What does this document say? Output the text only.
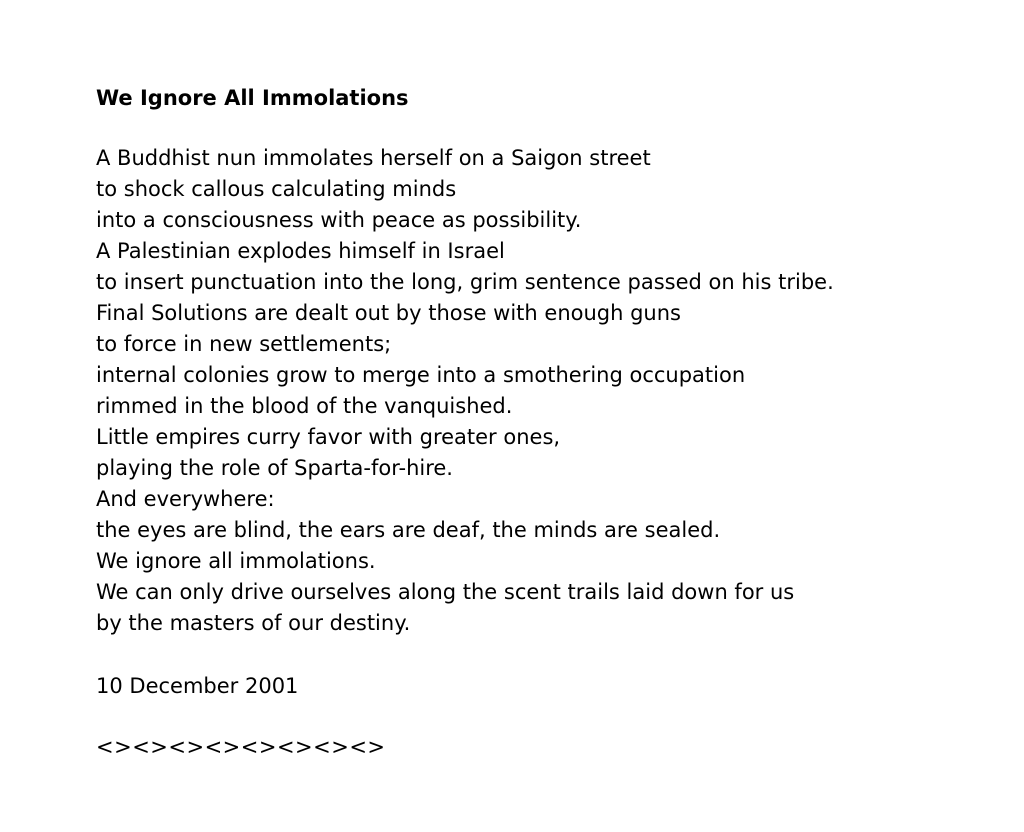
We Ignore All Immolations

A Buddhist nun immolates herself on a Saigon street

to shock callous calculating minds

into a consciousness with peace as possibility.

A Palestinian explodes himself in Israel

to insert punctuation into the long, grim sentence passed on his tribe.

Final Solutions are dealt out by those with enough guns

to force in new settlements;

internal colonies grow to merge into a smothering occupation

rimmed in the blood of the vanquished.

Little empires curry favor with greater ones,

playing the role of Sparta-for-hire.

And everywhere:

the eyes are blind, the ears are deaf, the minds are sealed.

We ignore all immolations.

We can only drive ourselves along the scent trails laid down for us

by the masters of our destiny.

10 December 2001

<><><><><><><><>
